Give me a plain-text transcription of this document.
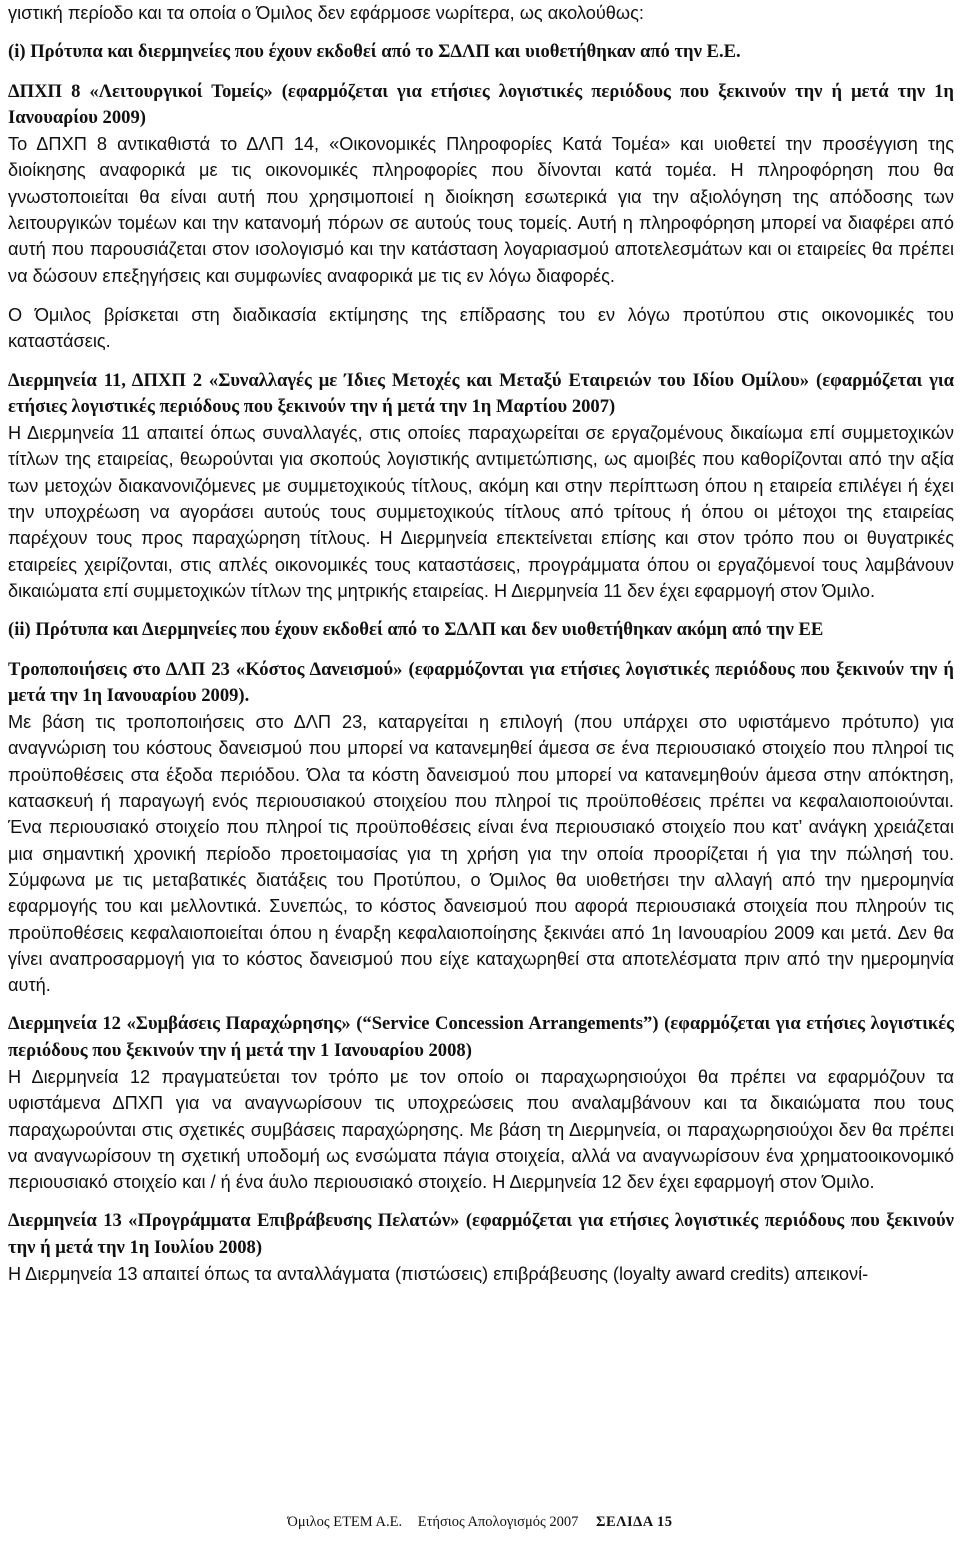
γιστική περίοδο και τα οποία ο Όμιλος δεν εφάρμοσε νωρίτερα, ως ακολούθως:

(i) Πρότυπα και διερμηνείες που έχουν εκδοθεί από το ΣΔΛΠ και υιοθετήθηκαν από την Ε.Ε.

ΔΠΧΠ 8 «Λειτουργικοί Τομείς» (εφαρμόζεται για ετήσιες λογιστικές περιόδους που ξεκινούν την ή μετά την 1η Ιανουαρίου 2009)

Το ΔΠΧΠ 8 αντικαθιστά το ΔΛΠ 14, «Οικονομικές Πληροφορίες Κατά Τομέα» και υιοθετεί την προσέγγιση της διοίκησης αναφορικά με τις οικονομικές πληροφορίες που δίνονται κατά τομέα. Η πληροφόρηση που θα γνωστοποιείται θα είναι αυτή που χρησιμοποιεί η διοίκηση εσωτερικά για την αξιολόγηση της απόδοσης των λειτουργικών τομέων και την κατανομή πόρων σε αυτούς τους τομείς. Αυτή η πληροφόρηση μπορεί να διαφέρει από αυτή που παρουσιάζεται στον ισολογισμό και την κατάσταση λογαριασμού αποτελεσμάτων και οι εταιρείες θα πρέπει να δώσουν επεξηγήσεις και συμφωνίες αναφορικά με τις εν λόγω διαφορές.

Ο Όμιλος βρίσκεται στη διαδικασία εκτίμησης της επίδρασης του εν λόγω προτύπου στις οικονομικές του καταστάσεις.

Διερμηνεία 11, ΔΠΧΠ 2 «Συναλλαγές με Ίδιες Μετοχές και Μεταξύ Εταιρειών του Ιδίου Ομίλου» (εφαρμόζεται για ετήσιες λογιστικές περιόδους που ξεκινούν την ή μετά την 1η Μαρτίου 2007)

Η Διερμηνεία 11 απαιτεί όπως συναλλαγές, στις οποίες παραχωρείται σε εργαζομένους δικαίωμα επί συμμετοχικών τίτλων της εταιρείας, θεωρούνται για σκοπούς λογιστικής αντιμετώπισης, ως αμοιβές που καθορίζονται από την αξία των μετοχών διακανονιζόμενες με συμμετοχικούς τίτλους, ακόμη και στην περίπτωση όπου η εταιρεία επιλέγει ή έχει την υποχρέωση να αγοράσει αυτούς τους συμμετοχικούς τίτλους από τρίτους ή όπου οι μέτοχοι της εταιρείας παρέχουν τους προς παραχώρηση τίτλους. Η Διερμηνεία επεκτείνεται επίσης και στον τρόπο που οι θυγατρικές εταιρείες χειρίζονται, στις απλές οικονομικές τους καταστάσεις, προγράμματα όπου οι εργαζόμενοί τους λαμβάνουν δικαιώματα επί συμμετοχικών τίτλων της μητρικής εταιρείας. Η Διερμηνεία 11 δεν έχει εφαρμογή στον Όμιλο.

(ii) Πρότυπα και Διερμηνείες που έχουν εκδοθεί από το ΣΔΛΠ και δεν υιοθετήθηκαν ακόμη από την ΕΕ

Τροποποιήσεις στο ΔΛΠ 23 «Κόστος Δανεισμού» (εφαρμόζονται για ετήσιες λογιστικές περιόδους που ξεκινούν την ή μετά την 1η Ιανουαρίου 2009).

Με βάση τις τροποποιήσεις στο ΔΛΠ 23, καταργείται η επιλογή (που υπάρχει στο υφιστάμενο πρότυπο) για αναγνώριση του κόστους δανεισμού που μπορεί να κατανεμηθεί άμεσα σε ένα περιουσιακό στοιχείο που πληροί τις προϋποθέσεις στα έξοδα περιόδου. Όλα τα κόστη δανεισμού που μπορεί να κατανεμηθούν άμεσα στην απόκτηση, κατασκευή ή παραγωγή ενός περιουσιακού στοιχείου που πληροί τις προϋποθέσεις πρέπει να κεφαλαιοποιούνται. Ένα περιουσιακό στοιχείο που πληροί τις προϋποθέσεις είναι ένα περιουσιακό στοιχείο που κατ’ ανάγκη χρειάζεται μια σημαντική χρονική περίοδο προετοιμασίας για τη χρήση για την οποία προορίζεται ή για την πώλησή του. Σύμφωνα με τις μεταβατικές διατάξεις του Προτύπου, ο Όμιλος θα υιοθετήσει την αλλαγή από την ημερομηνία εφαρμογής του και μελλοντικά. Συνεπώς, το κόστος δανεισμού που αφορά περιουσιακά στοιχεία που πληρούν τις προϋποθέσεις κεφαλαιοποιείται όπου η έναρξη κεφαλαιοποίησης ξεκινάει από 1η Ιανουαρίου 2009 και μετά. Δεν θα γίνει αναπροσαρμογή για το κόστος δανεισμού που είχε καταχωρηθεί στα αποτελέσματα πριν από την ημερομηνία αυτή.

Διερμηνεία 12 «Συμβάσεις Παραχώρησης» (“Service Concession Arrangements”) (εφαρμόζεται για ετήσιες λογιστικές περιόδους που ξεκινούν την ή μετά την 1 Ιανουαρίου 2008)

Η Διερμηνεία 12 πραγματεύεται τον τρόπο με τον οποίο οι παραχωρησιούχοι θα πρέπει να εφαρμόζουν τα υφιστάμενα ΔΠΧΠ για να αναγνωρίσουν τις υποχρεώσεις που αναλαμβάνουν και τα δικαιώματα που τους παραχωρούνται στις σχετικές συμβάσεις παραχώρησης. Με βάση τη Διερμηνεία, οι παραχωρησιούχοι δεν θα πρέπει να αναγνωρίσουν τη σχετική υποδομή ως ενσώματα πάγια στοιχεία, αλλά να αναγνωρίσουν ένα χρηματοοικονομικό περιουσιακό στοιχείο και / ή ένα άυλο περιουσιακό στοιχείο. Η Διερμηνεία 12 δεν έχει εφαρμογή στον Όμιλο.

Διερμηνεία 13 «Προγράμματα Επιβράβευσης Πελατών» (εφαρμόζεται για ετήσιες λογιστικές περιόδους που ξεκινούν την ή μετά την 1η Ιουλίου 2008)

Η Διερμηνεία 13 απαιτεί όπως τα ανταλλάγματα (πιστώσεις) επιβράβευσης (loyalty award credits) απεικονί-

Όμιλος ΕΤΕΜ Α.Ε. Ετήσιος Απολογισμός 2007 ΣΕΛΙΔΑ 15
